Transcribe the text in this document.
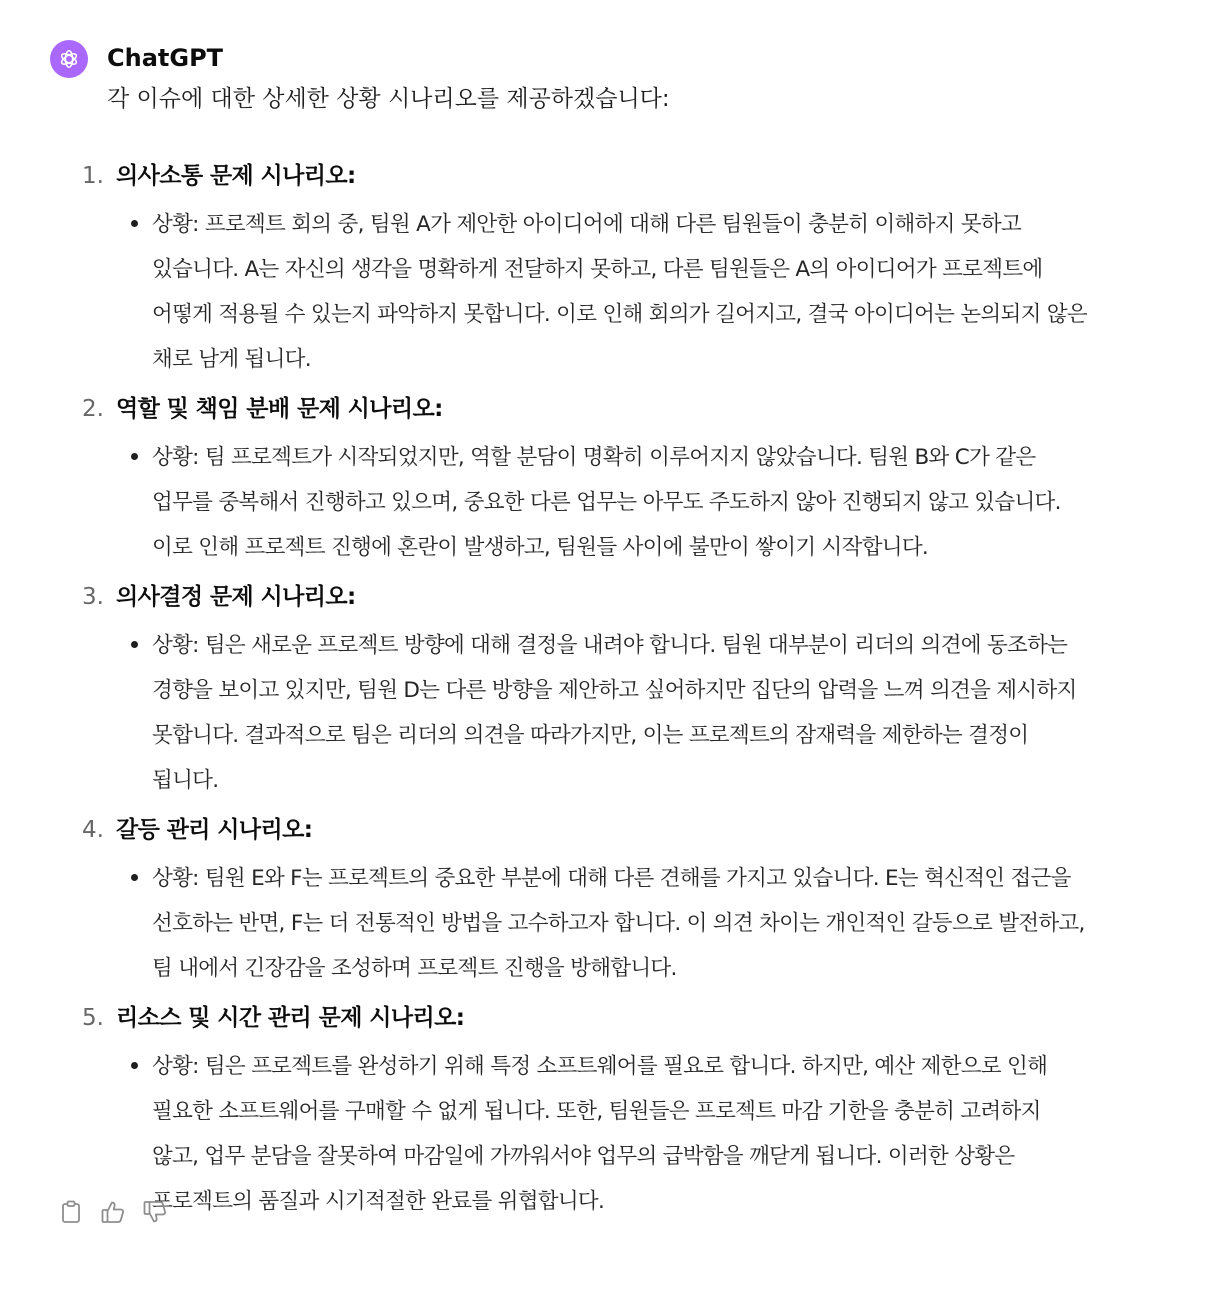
ChatGPT
각 이슈에 대한 상세한 상황 시나리오를 제공하겠습니다:
1. 의사소통 문제 시나리오:
상황: 프로젝트 회의 중, 팀원 A가 제안한 아이디어에 대해 다른 팀원들이 충분히 이해하지 못하고 있습니다. A는 자신의 생각을 명확하게 전달하지 못하고, 다른 팀원들은 A의 아이디어가 프로젝트에 어떻게 적용될 수 있는지 파악하지 못합니다. 이로 인해 회의가 길어지고, 결국 아이디어는 논의되지 않은 채로 남게 됩니다.
2. 역할 및 책임 분배 문제 시나리오:
상황: 팀 프로젝트가 시작되었지만, 역할 분담이 명확히 이루어지지 않았습니다. 팀원 B와 C가 같은 업무를 중복해서 진행하고 있으며, 중요한 다른 업무는 아무도 주도하지 않아 진행되지 않고 있습니다. 이로 인해 프로젝트 진행에 혼란이 발생하고, 팀원들 사이에 불만이 쌓이기 시작합니다.
3. 의사결정 문제 시나리오:
상황: 팀은 새로운 프로젝트 방향에 대해 결정을 내려야 합니다. 팀원 대부분이 리더의 의견에 동조하는 경향을 보이고 있지만, 팀원 D는 다른 방향을 제안하고 싶어하지만 집단의 압력을 느껴 의견을 제시하지 못합니다. 결과적으로 팀은 리더의 의견을 따라가지만, 이는 프로젝트의 잠재력을 제한하는 결정이 됩니다.
4. 갈등 관리 시나리오:
상황: 팀원 E와 F는 프로젝트의 중요한 부분에 대해 다른 견해를 가지고 있습니다. E는 혁신적인 접근을 선호하는 반면, F는 더 전통적인 방법을 고수하고자 합니다. 이 의견 차이는 개인적인 갈등으로 발전하고, 팀 내에서 긴장감을 조성하며 프로젝트 진행을 방해합니다.
5. 리소스 및 시간 관리 문제 시나리오:
상황: 팀은 프로젝트를 완성하기 위해 특정 소프트웨어를 필요로 합니다. 하지만, 예산 제한으로 인해 필요한 소프트웨어를 구매할 수 없게 됩니다. 또한, 팀원들은 프로젝트 마감 기한을 충분히 고려하지 않고, 업무 분담을 잘못하여 마감일에 가까워서야 업무의 급박함을 깨닫게 됩니다. 이러한 상황은 프로젝트의 품질과 시기적절한 완료를 위협합니다.
